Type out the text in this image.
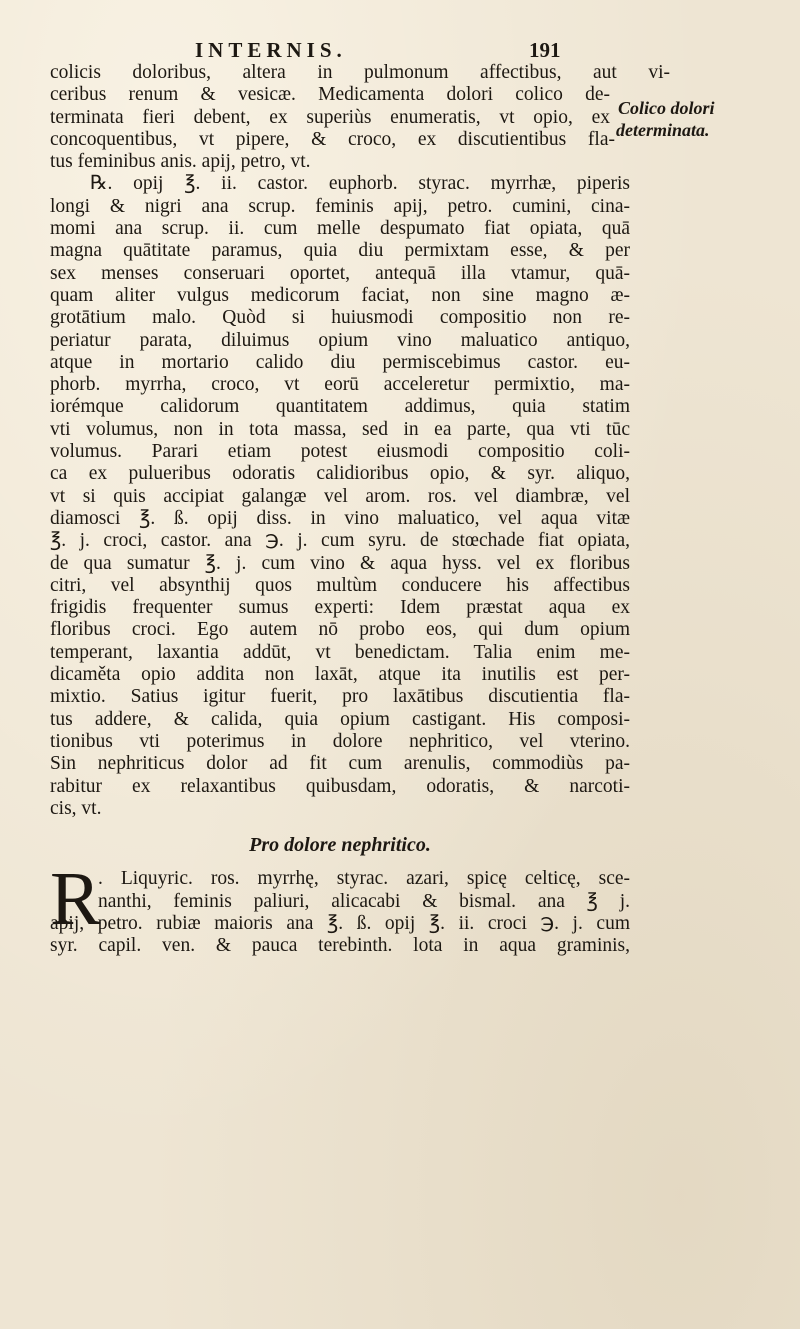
INTERNIS.	191
Colico dolori
determinata.
colicis doloribus, altera in pulmonum affectibus, aut vi-
ceribus renum & vesicæ. Medicamenta dolori colico de-
terminata fieri debent, ex superiùs enumeratis, vt opio, ex
concoquentibus, vt pipere, & croco, ex discutientibus fla-
tus feminibus anis. apij, petro, vt.
℞. opij ℥. ii. castor. euphorb. styrac. myrrhæ, piperis
longi & nigri ana scrup. feminis apij, petro. cumini, cina-
momi ana scrup. ii. cum melle despumato fiat opiata, quā
magna quātitate paramus, quia diu permixtam esse, & per
sex menses conseruari oportet, antequā illa vtamur, quā-
quam aliter vulgus medicorum faciat, non sine magno æ-
grotātium malo. Quòd si huiusmodi compositio non re-
periatur parata, diluimus opium vino maluatico antiquo,
atque in mortario calido diu permiscebimus castor. eu-
phorb. myrrha, croco, vt eorū acceleretur permixtio, ma-
iorémque calidorum quantitatem addimus, quia statim
vti volumus, non in tota massa, sed in ea parte, qua vti tūc
volumus. Parari etiam potest eiusmodi compositio coli-
ca ex pulueribus odoratis calidioribus opio, & syr. aliquo,
vt si quis accipiat galangæ vel arom. ros. vel diambræ, vel
diamosci ℥. ß. opij diss. in vino maluatico, vel aqua vitæ
℥. j. croci, castor. ana ℈. j. cum syru. de stœchade fiat opiata,
de qua sumatur ℥. j. cum vino & aqua hyss. vel ex floribus
citri, vel absynthij quos multùm conducere his affectibus
frigidis frequenter sumus experti: Idem præstat aqua ex
floribus croci. Ego autem nō probo eos, qui dum opium
temperant, laxantia addūt, vt benedictam. Talia enim me-
dicaměta opio addita non laxāt, atque ita inutilis est per-
mixtio. Satius igitur fuerit, pro laxātibus discutientia fla-
tus addere, & calida, quia opium castigant. His composi-
tionibus vti poterimus in dolore nephritico, vel vterino.
Sin nephriticus dolor ad fit cum arenulis, commodiùs pa-
rabitur ex relaxantibus quibusdam, odoratis, & narcoti-
cis, vt.
Pro dolore nephritico.
R
. Liquyric. ros. myrrhę, styrac. azari, spicę celticę, sce-
nanthi, feminis paliuri, alicacabi & bismal. ana ℥ j.
apij, petro. rubiæ maioris ana ℥. ß. opij ℥. ii. croci ℈. j. cum
syr. capil. ven. & pauca terebinth. lota in aqua graminis,
